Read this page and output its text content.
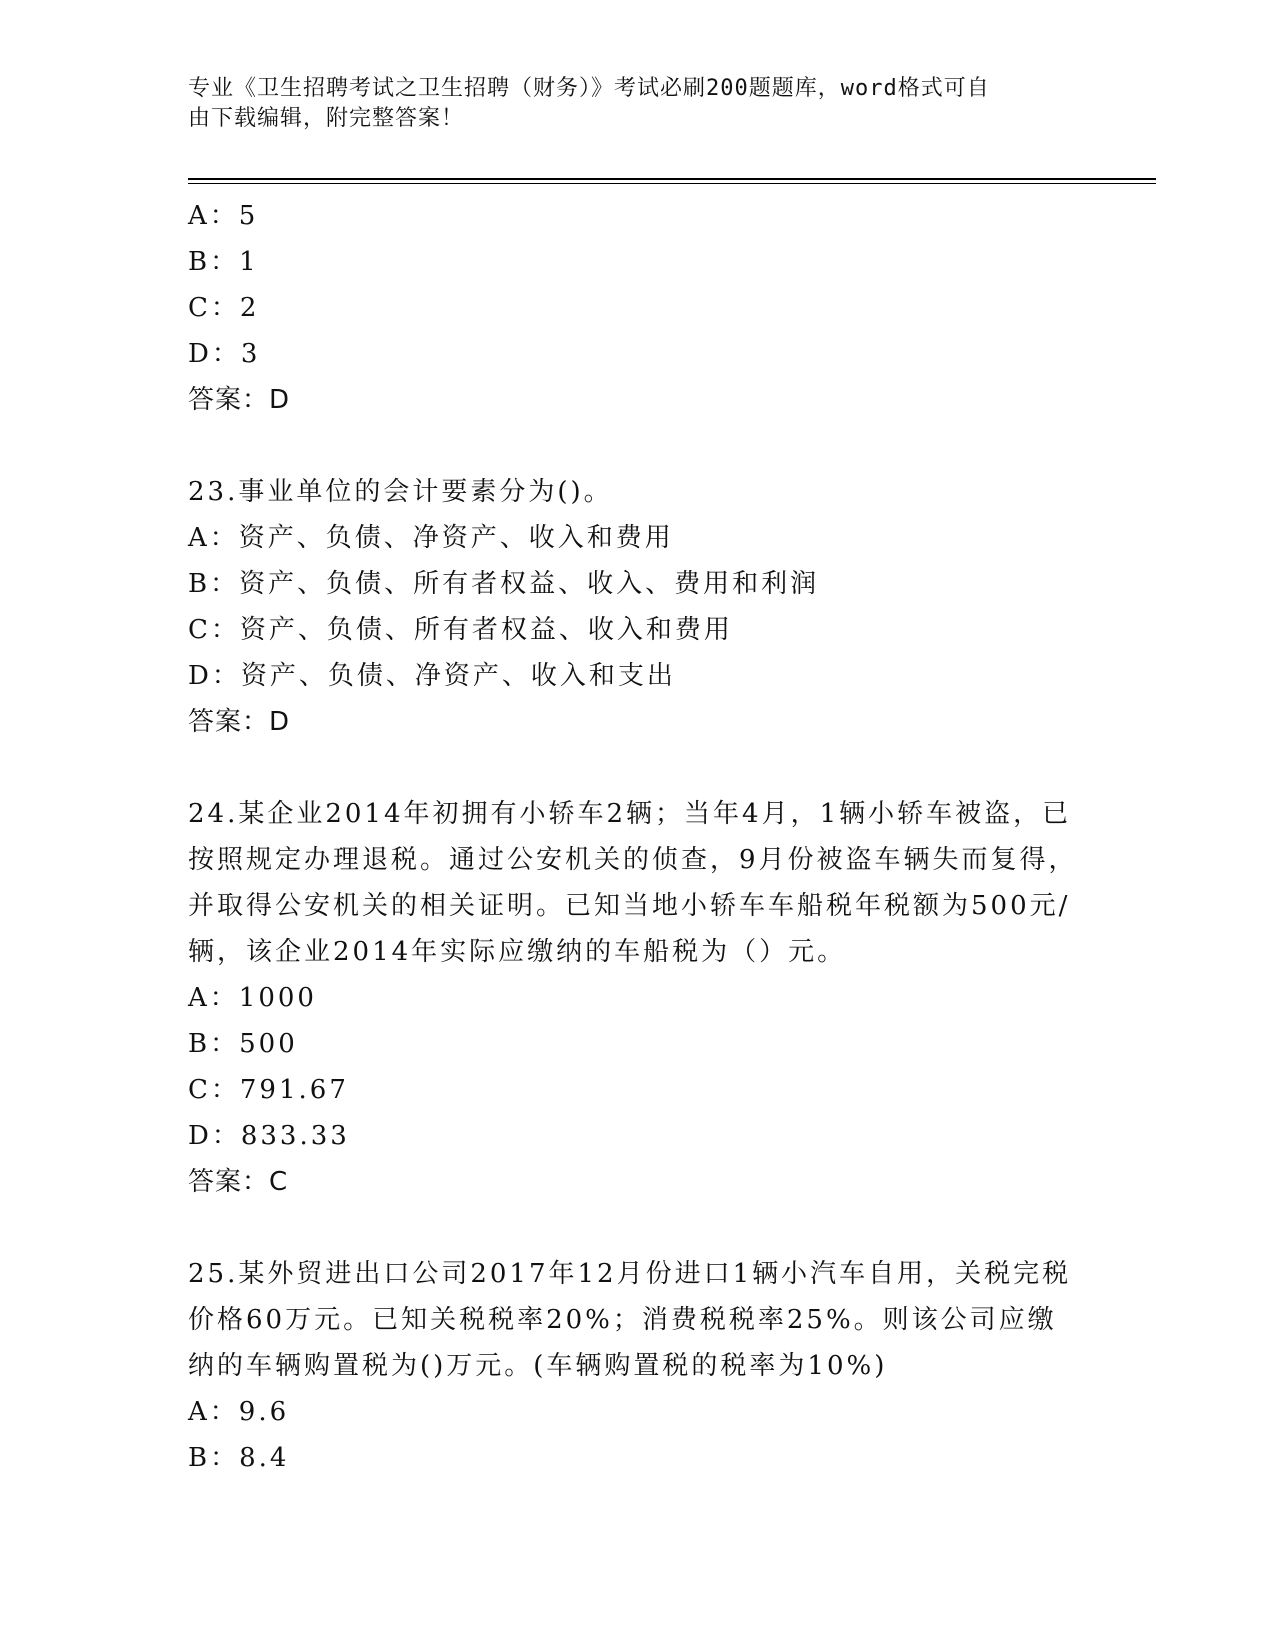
专业《卫生招聘考试之卫生招聘（财务）》考试必刷200题题库，word格式可自
由下载编辑，附完整答案！
A：5
B：1
C：2
D：3
答案：D
23.事业单位的会计要素分为()。
A：资产、负债、净资产、收入和费用
B：资产、负债、所有者权益、收入、费用和利润
C：资产、负债、所有者权益、收入和费用
D：资产、负债、净资产、收入和支出
答案：D
24.某企业2014年初拥有小轿车2辆；当年4月，1辆小轿车被盗，已
按照规定办理退税。通过公安机关的侦查，9月份被盗车辆失而复得，
并取得公安机关的相关证明。已知当地小轿车车船税年税额为500元/
辆，该企业2014年实际应缴纳的车船税为（）元。
A：1000
B：500
C：791.67
D：833.33
答案：C
25.某外贸进出口公司2017年12月份进口1辆小汽车自用，关税完税
价格60万元。已知关税税率20%；消费税税率25%。则该公司应缴
纳的车辆购置税为()万元。(车辆购置税的税率为10%)
A：9.6
B：8.4
